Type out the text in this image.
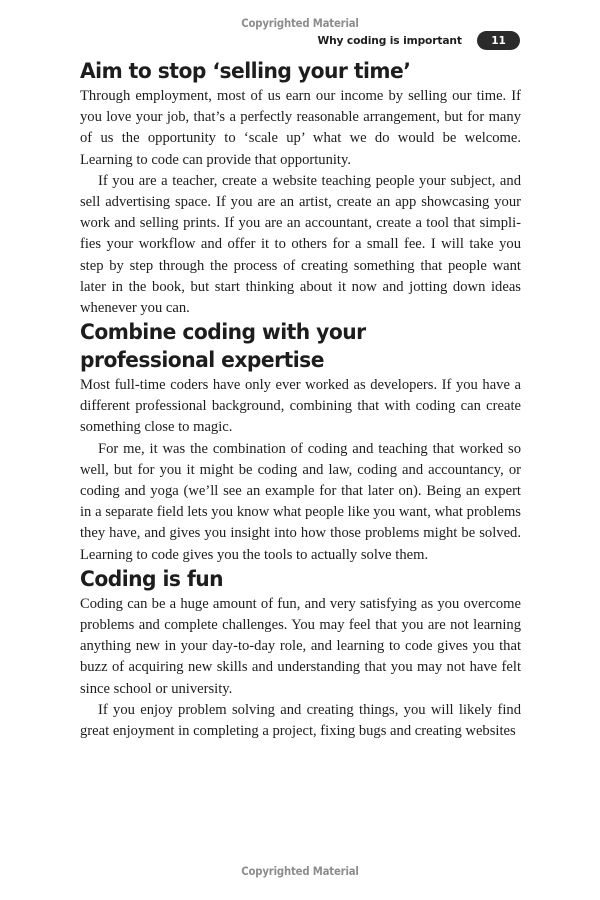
Copyrighted Material
Why coding is important	11
Aim to stop ‘selling your time’

Through employment, most of us earn our income by selling our time. If you love your job, that’s a perfectly reasonable arrangement, but for many of us the opportunity to ‘scale up’ what we do would be welcome. Learning to code can provide that opportunity.

If you are a teacher, create a website teaching people your subject, and sell advertising space. If you are an artist, create an app showcasing your work and selling prints. If you are an accountant, create a tool that simplifies your workflow and offer it to others for a small fee. I will take you step by step through the process of creating something that people want later in the book, but start thinking about it now and jotting down ideas whenever you can.

Combine coding with your professional expertise

Most full-time coders have only ever worked as developers. If you have a different professional background, combining that with coding can create something close to magic.

For me, it was the combination of coding and teaching that worked so well, but for you it might be coding and law, coding and accountancy, or coding and yoga (we’ll see an example for that later on). Being an expert in a separate field lets you know what people like you want, what problems they have, and gives you insight into how those problems might be solved. Learning to code gives you the tools to actually solve them.

Coding is fun

Coding can be a huge amount of fun, and very satisfying as you overcome problems and complete challenges. You may feel that you are not learning anything new in your day-to-day role, and learning to code gives you that buzz of acquiring new skills and understanding that you may not have felt since school or university.

If you enjoy problem solving and creating things, you will likely find great enjoyment in completing a project, fixing bugs and creating websites

Copyrighted Material
